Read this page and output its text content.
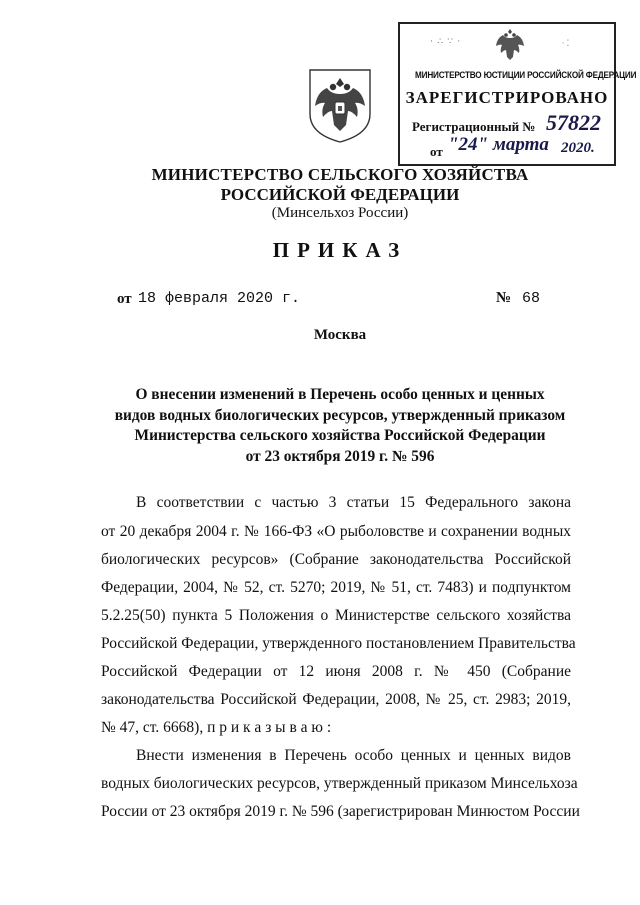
· ∴ ∵ ·	∙ ⁚
МИНИСТЕРСТВО ЮСТИЦИИ РОССИЙСКОЙ ФЕДЕРАЦИИ
ЗАРЕГИСТРИРОВАНО
Регистрационный № 57822
от "24" марта 2020.
МИНИСТЕРСТВО СЕЛЬСКОГО ХОЗЯЙСТВА
РОССИЙСКОЙ ФЕДЕРАЦИИ
(Минсельхоз России)
ПРИКАЗ
от 18 февраля 2020 г.	№ 68
Москва
О внесении изменений в Перечень особо ценных и ценных
видов водных биологических ресурсов, утвержденный приказом
Министерства сельского хозяйства Российской Федерации
от 23 октября 2019 г. № 596
В соответствии с частью 3 статьи 15 Федерального закона
от 20 декабря 2004 г. № 166-ФЗ «О рыболовстве и сохранении водных
биологических ресурсов» (Собрание законодательства Российской
Федерации, 2004, № 52, ст. 5270; 2019, № 51, ст. 7483) и подпунктом
5.2.25(50) пункта 5 Положения о Министерстве сельского хозяйства
Российской Федерации, утвержденного постановлением Правительства
Российской Федерации от 12 июня 2008 г. № 450 (Собрание
законодательства Российской Федерации, 2008, № 25, ст. 2983; 2019,
№ 47, ст. 6668), п р и к а з ы в а ю :
Внести изменения в Перечень особо ценных и ценных видов
водных биологических ресурсов, утвержденный приказом Минсельхоза
России от 23 октября 2019 г. № 596 (зарегистрирован Минюстом России
